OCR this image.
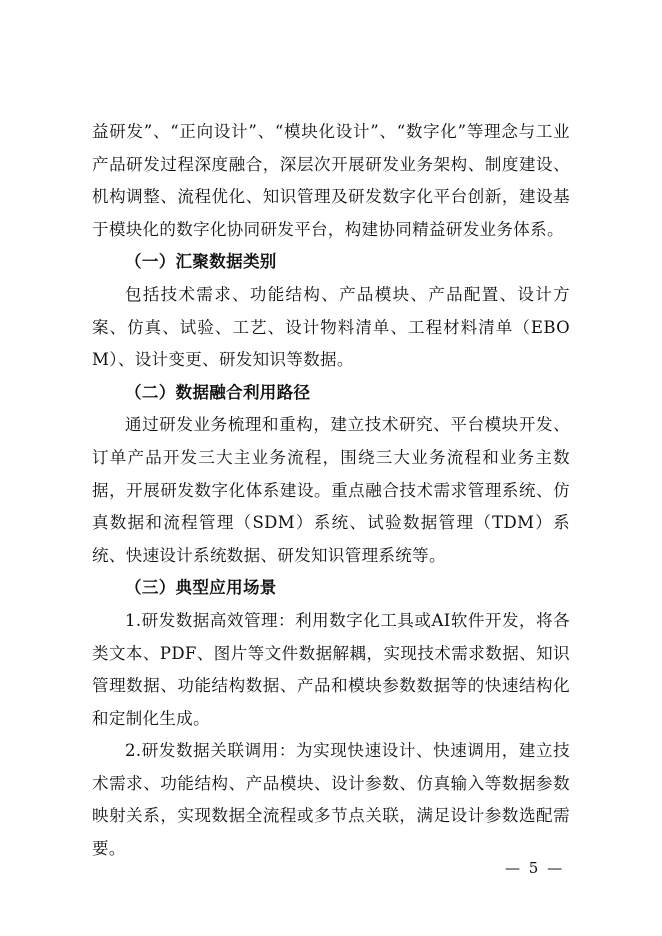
益研发”、“正向设计”、“模块化设计”、“数字化”等理念与工业产品研发过程深度融合，深层次开展研发业务架构、制度建设、机构调整、流程优化、知识管理及研发数字化平台创新，建设基于模块化的数字化协同研发平台，构建协同精益研发业务体系。

（一）汇聚数据类别

包括技术需求、功能结构、产品模块、产品配置、设计方案、仿真、试验、工艺、设计物料清单、工程材料清单（EBOM）、设计变更、研发知识等数据。

（二）数据融合利用路径

通过研发业务梳理和重构，建立技术研究、平台模块开发、订单产品开发三大主业务流程，围绕三大业务流程和业务主数据，开展研发数字化体系建设。重点融合技术需求管理系统、仿真数据和流程管理（SDM）系统、试验数据管理（TDM）系统、快速设计系统数据、研发知识管理系统等。

（三）典型应用场景

1.研发数据高效管理：利用数字化工具或AI软件开发，将各类文本、PDF、图片等文件数据解耦，实现技术需求数据、知识管理数据、功能结构数据、产品和模块参数数据等的快速结构化和定制化生成。

2.研发数据关联调用：为实现快速设计、快速调用，建立技术需求、功能结构、产品模块、设计参数、仿真输入等数据参数映射关系，实现数据全流程或多节点关联，满足设计参数选配需要。

— 5 —
